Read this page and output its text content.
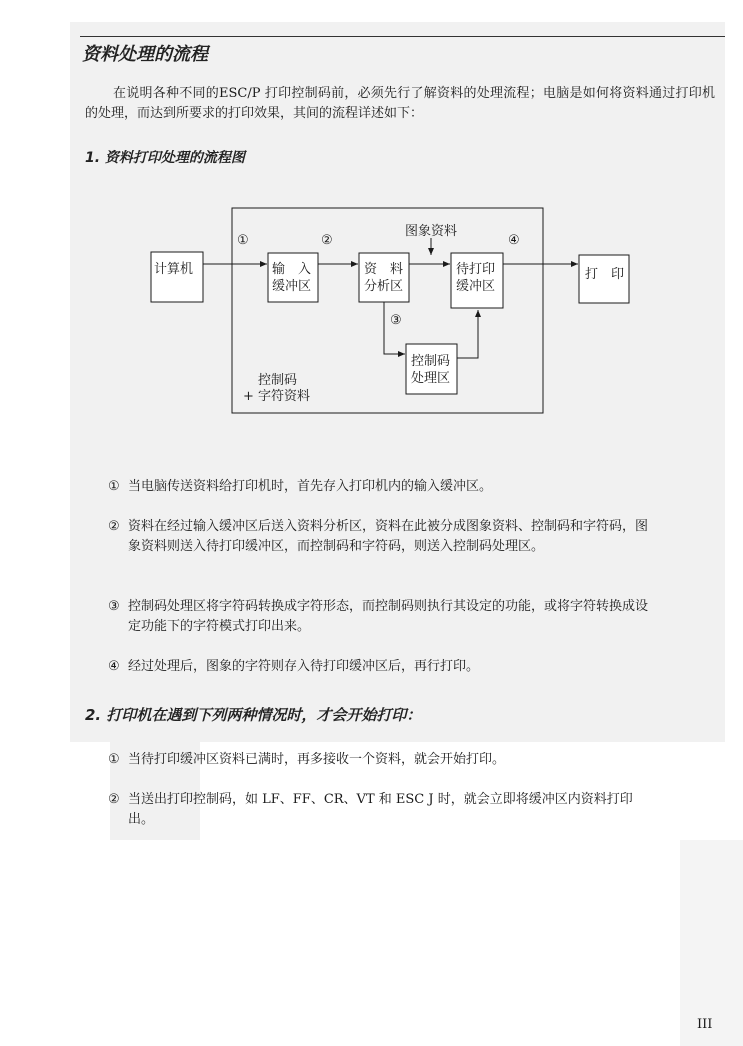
资料处理的流程
在说明各种不同的ESC/P 打印控制码前，必须先行了解资料的处理流程；电脑是如何将资料通过打印机的处理，而达到所要求的打印效果，其间的流程详述如下：
1. 资料打印处理的流程图
计算机	输　入
缓冲区
资　料
分析区
待打印
缓冲区
打　印
控制码
处理区
①	②
③
④
图象资料
控制码
+ 字符资料
① 当电脑传送资料给打印机时，首先存入打印机内的输入缓冲区。
② 资料在经过输入缓冲区后送入资料分析区，资料在此被分成图象资料、控制码和字符码，图象资料则送入待打印缓冲区，而控制码和字符码，则送入控制码处理区。
③ 控制码处理区将字符码转换成字符形态，而控制码则执行其设定的功能，或将字符转换成设定功能下的字符模式打印出来。
④ 经过处理后，图象的字符则存入待打印缓冲区后，再行打印。
2. 打印机在遇到下列两种情况时，才会开始打印：
① 当待打印缓冲区资料已满时，再多接收一个资料，就会开始打印。
② 当送出打印控制码，如 LF、FF、CR、VT 和 ESC J 时，就会立即将缓冲区内资料打印出。
III
